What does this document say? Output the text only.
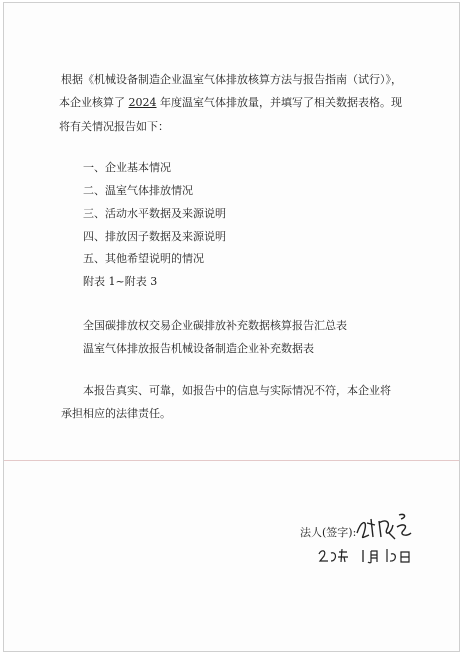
根据《机械设备制造企业温室气体排放核算方法与报告指南（试行）》，
本企业核算了 2024 年度温室气体排放量，并填写了相关数据表格。现
将有关情况报告如下：
一、企业基本情况
二、温室气体排放情况
三、活动水平数据及来源说明
四、排放因子数据及来源说明
五、其他希望说明的情况
附表 1~附表 3
全国碳排放权交易企业碳排放补充数据核算报告汇总表
温室气体排放报告机械设备制造企业补充数据表
本报告真实、可靠，如报告中的信息与实际情况不符，本企业将
承担相应的法律责任。
法人(签字):
